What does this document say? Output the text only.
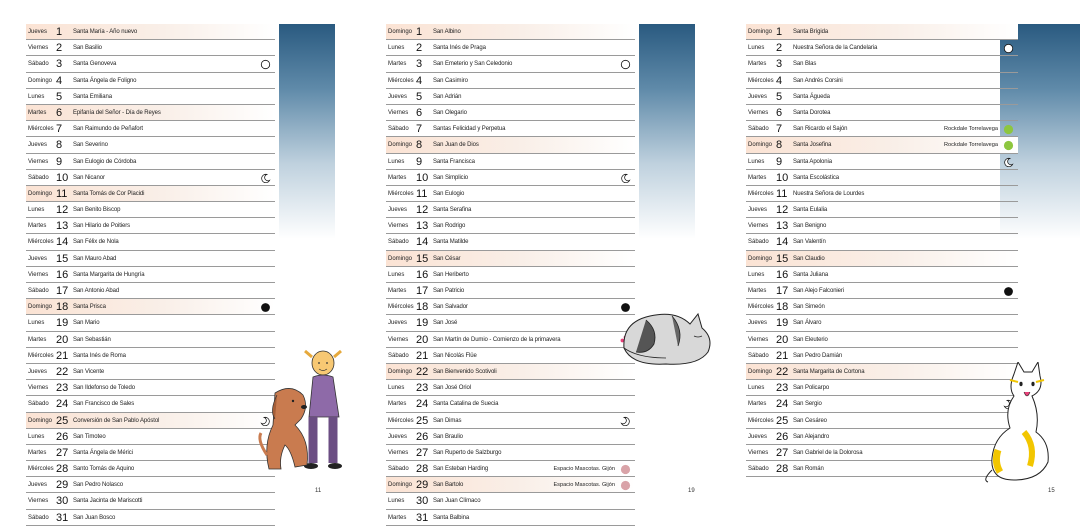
Jueves 1 Santa María - Año nuevo
Viernes 2 San Basilio
Sábado 3 Santa Genoveva
Domingo 4 Santa Ángela de Foligno
Lunes 5 Santa Emiliana
Martes 6 Epifanía del Señor - Día de Reyes
Miércoles 7 San Raimundo de Peñafort
Jueves 8 San Severino
Viernes 9 San Eulogio de Córdoba
Sábado 10 San Nicanor
Domingo 11 Santa Tomás de Cor Placidi
Lunes 12 San Benito Biscop
Martes 13 San Hilario de Poitiers
Miércoles 14 San Félix de Nola
Jueves 15 San Mauro Abad
Viernes 16 Santa Margarita de Hungría
Sábado 17 San Antonio Abad
Domingo 18 Santa Prisca
Lunes 19 San Mario
Martes 20 San Sebastián
Miércoles 21 Santa Inés de Roma
Jueves 22 San Vicente
Viernes 23 San Ildefonso de Toledo
Sábado 24 San Francisco de Sales
Domingo 25 Conversión de San Pablo Apóstol
Lunes 26 San Timoteo
Martes 27 Santa Ángela de Mérici
Miércoles 28 Santo Tomás de Aquino
Jueves 29 San Pedro Nolasco
Viernes 30 Santa Jacinta de Mariscotti
Sábado 31 San Juan Bosco
11
Domingo 1 San Albino
Lunes 2 Santa Inés de Praga
Martes 3 San Emeterio y San Celedonio
Miércoles 4 San Casimiro
Jueves 5 San Adrián
Viernes 6 San Olegario
Sábado 7 Santas Felicidad y Perpetua
Domingo 8 San Juan de Dios
Lunes 9 Santa Francisca
Martes 10 San Simplicio
Miércoles 11 San Eulogio
Jueves 12 Santa Serafina
Viernes 13 San Rodrigo
Sábado 14 Santa Matilde
Domingo 15 San César
Lunes 16 San Heriberto
Martes 17 San Patricio
Miércoles 18 San Salvador
Jueves 19 San José
Viernes 20 San Martín de Dumio - Comienzo de la primavera
Sábado 21 San Nicolás Flüe
Domingo 22 San Bienvenido Scotivoli
Lunes 23 San José Oriol
Martes 24 Santa Catalina de Suecia
Miércoles 25 San Dimas
Jueves 26 San Braulio
Viernes 27 San Ruperto de Salzburgo
Sábado 28 San Esteban Harding	Espacio Mascotas. Gijón
Domingo 29 San Bartolo	Espacio Mascotas. Gijón
Lunes 30 San Juan Clímaco
Martes 31 Santa Balbina
19
Domingo 1 Santa Brígida
Lunes 2 Nuestra Señora de la Candelaria
Martes 3 San Blas
Miércoles 4 San Andrés Corsini
Jueves 5 Santa Águeda
Viernes 6 Santa Dorotea
Sábado 7 San Ricardo el Sajón	Rockdale Torrelavega
Domingo 8 Santa Josefina	Rockdale Torrelavega
Lunes 9 Santa Apolonia
Martes 10 Santa Escolástica
Miércoles 11 Nuestra Señora de Lourdes
Jueves 12 Santa Eulalia
Viernes 13 San Benigno
Sábado 14 San Valentín
Domingo 15 San Claudio
Lunes 16 Santa Juliana
Martes 17 San Alejo Falconieri
Miércoles 18 San Simeón
Jueves 19 San Álvaro
Viernes 20 San Eleuterio
Sábado 21 San Pedro Damián
Domingo 22 Santa Margarita de Cortona
Lunes 23 San Policarpo
Martes 24 San Sergio
Miércoles 25 San Cesáreo
Jueves 26 San Alejandro
Viernes 27 San Gabriel de la Dolorosa
Sábado 28 San Román
15
